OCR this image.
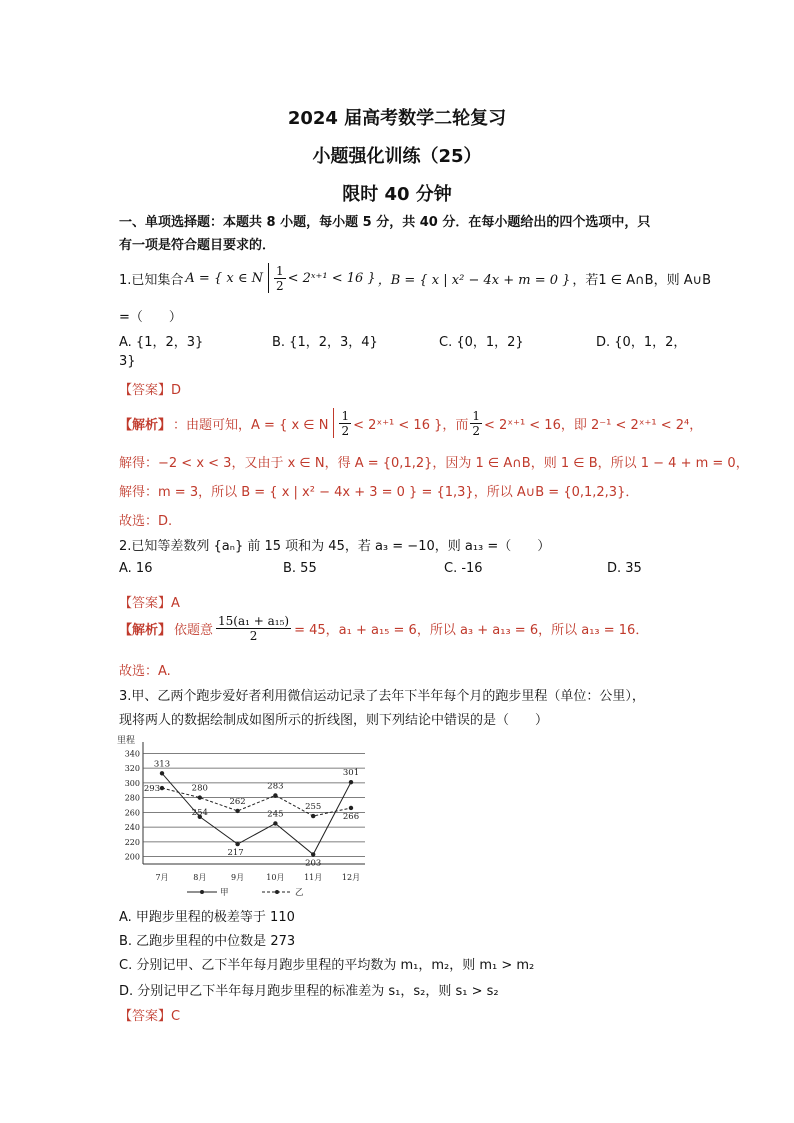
2024 届高考数学二轮复习
小题强化训练（25）
限时 40 分钟
一、单项选择题：本题共 8 小题，每小题 5 分，共 40 分．在每小题给出的四个选项中，只
有一项是符合题目要求的．
1.已知集合 A = { x ∈ N $\frac{1}{2}$ < 2ˣ⁺¹ < 16 } ，B = { x | x² − 4x + m = 0 } ，若1 ∈ A∩B，则 A∪B
=（　　）
A. {1，2，3}	B. {1，2，3，4}	C. {0，1，2}	D. {0，1，2，
3}
【答案】D
【解析】 ：由题可知，A = { x ∈ N $\frac{1}{2}$ < 2ˣ⁺¹ < 16 }，而 $\frac{1}{2}$ < 2ˣ⁺¹ < 16，即 2⁻¹ < 2ˣ⁺¹ < 2⁴，
解得：−2 < x < 3，又由于 x ∈ N，得 A = {0,1,2}，因为 1 ∈ A∩B，则 1 ∈ B，所以 1 − 4 + m = 0，
解得：m = 3，所以 B = { x | x² − 4x + 3 = 0 } = {1,3}，所以 A∪B = {0,1,2,3}．
故选：D.
2.已知等差数列 {aₙ} 前 15 项和为 45，若 a₃ = −10，则 a₁₃ =（　　）
A. 16	B. 55	C. -16	D. 35
【答案】A
【解析】 依题意 $\frac{\text{15(a₁ + a₁₅)}}{2} = 45$，a₁ + a₁₅ = 6，所以 a₃ + a₁₃ = 6，所以 a₁₃ = 16．
故选：A.
3.甲、乙两个跑步爱好者利用微信运动记录了去年下半年每个月的跑步里程（单位：公里），
现将两人的数据绘制成如图所示的折线图，则下列结论中错误的是（　　）
里程
200
220
240
260
280
300
320
340
7月	8月	9月	10月 11月 12月
313
254
217
245
203
301
293	280
262
283
255
266
甲	乙
A. 甲跑步里程的极差等于 110
B. 乙跑步里程的中位数是 273
C. 分别记甲、乙下半年每月跑步里程的平均数为 m₁，m₂，则 m₁ > m₂
D. 分别记甲乙下半年每月跑步里程的标准差为 s₁，s₂，则 s₁ > s₂
【答案】C
